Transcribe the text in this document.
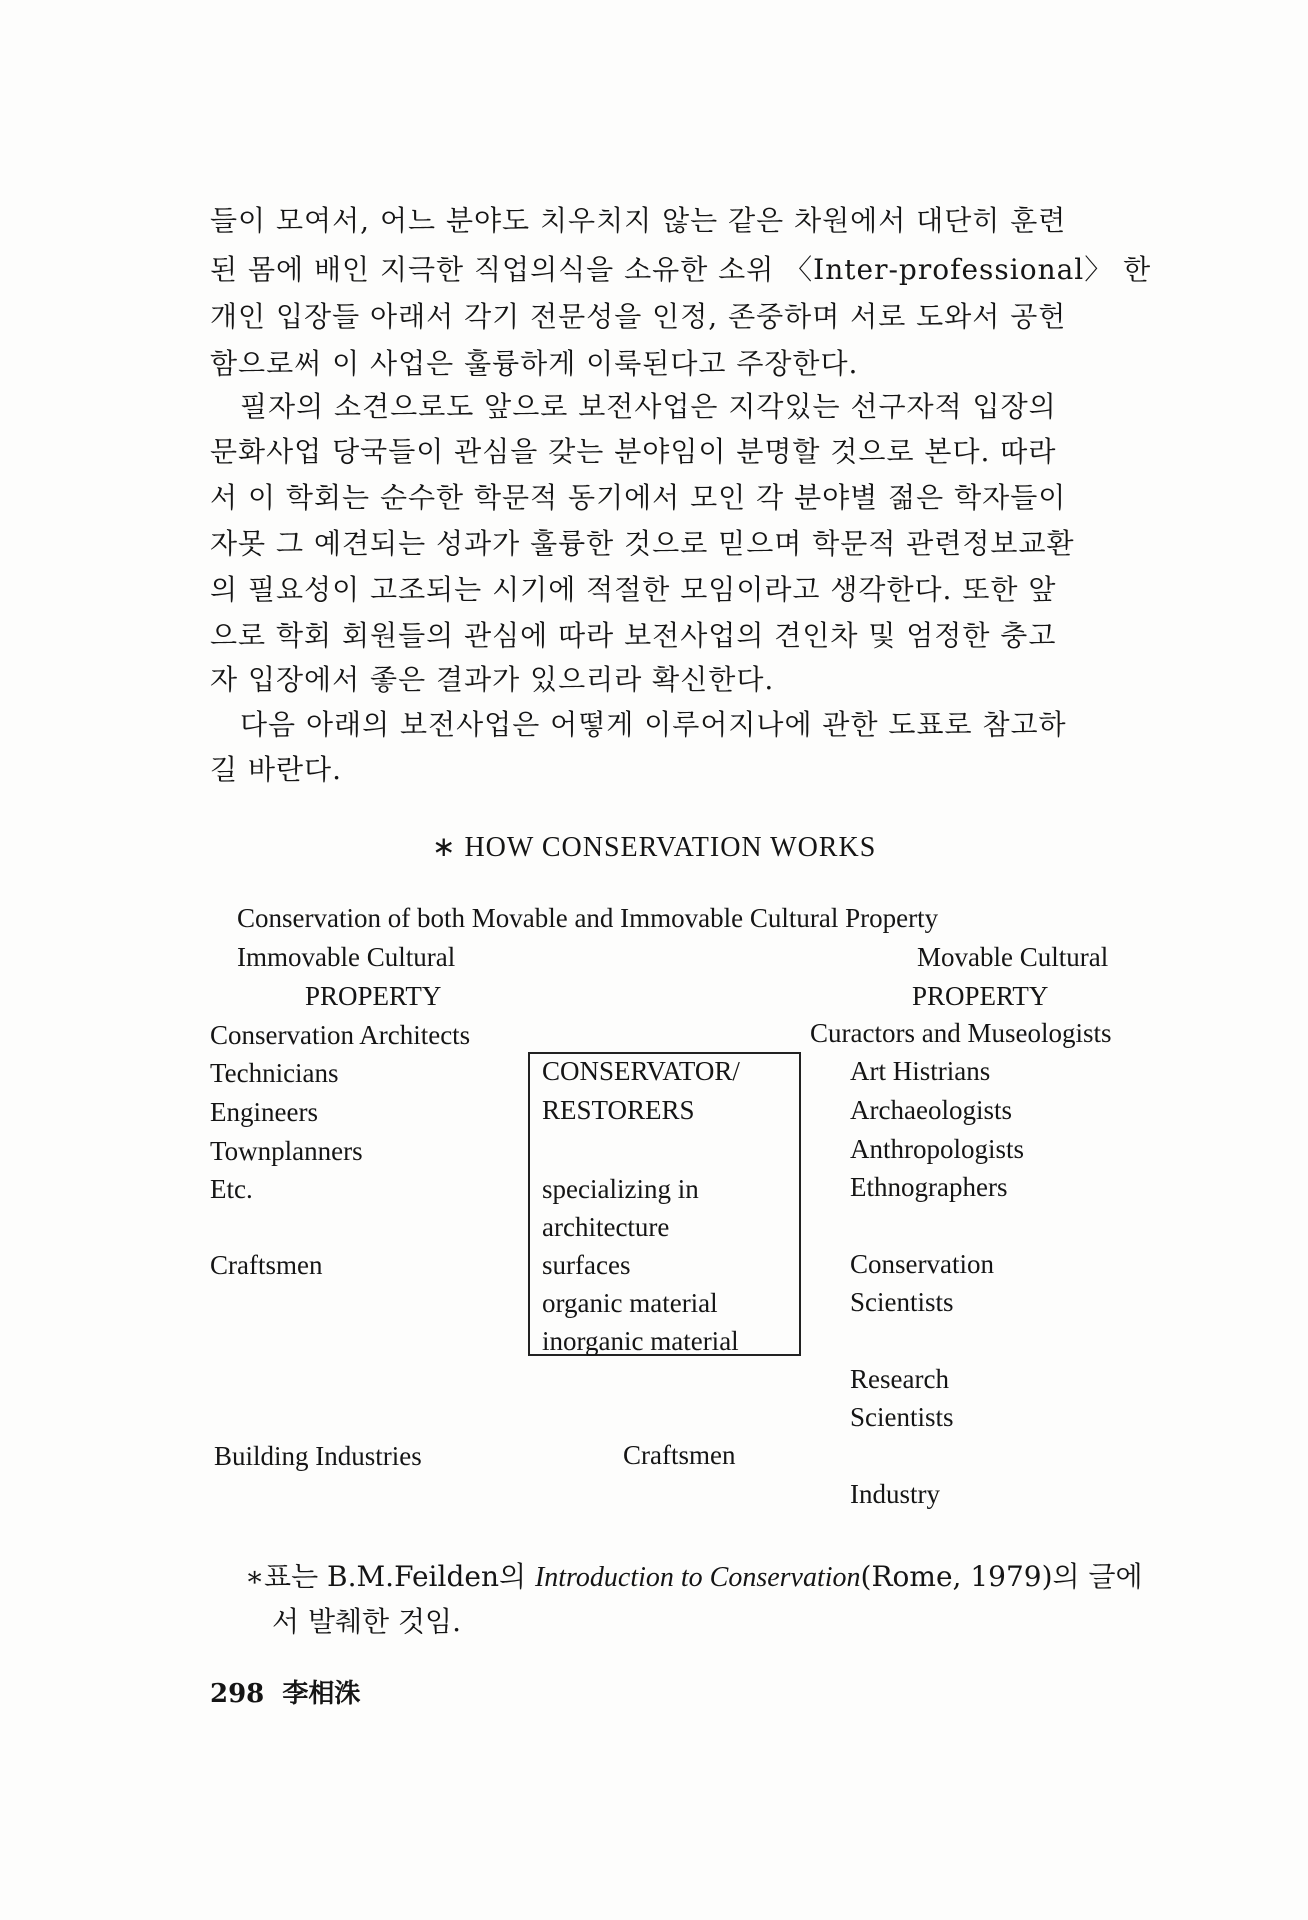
들이 모여서, 어느 분야도 치우치지 않는 같은 차원에서 대단히 훈련
된 몸에 배인 지극한 직업의식을 소유한 소위 〈Inter-professional〉 한
개인 입장들 아래서 각기 전문성을 인정, 존중하며 서로 도와서 공헌
함으로써 이 사업은 훌륭하게 이룩된다고 주장한다.
필자의 소견으로도 앞으로 보전사업은 지각있는 선구자적 입장의
문화사업 당국들이 관심을 갖는 분야임이 분명할 것으로 본다. 따라
서 이 학회는 순수한 학문적 동기에서 모인 각 분야별 젊은 학자들이
자못 그 예견되는 성과가 훌륭한 것으로 믿으며 학문적 관련정보교환
의 필요성이 고조되는 시기에 적절한 모임이라고 생각한다. 또한 앞
으로 학회 회원들의 관심에 따라 보전사업의 견인차 및 엄정한 충고
자 입장에서 좋은 결과가 있으리라 확신한다.
다음 아래의 보전사업은 어떻게 이루어지나에 관한 도표로 참고하
길 바란다.
∗ HOW CONSERVATION WORKS
Conservation of both Movable and Immovable Cultural Property
Immovable Cultural
PROPERTY
Movable Cultural
PROPERTY
Conservation Architects	Curactors and Museologists
Technicians
Engineers
Townplanners
Etc.
Craftsmen
Art Histrians
Archaeologists
Anthropologists
Ethnographers
Conservation
Scientists
Research
Scientists
Industry
CONSERVATOR/
RESTORERS
specializing in
architecture
surfaces
organic material
inorganic material
Building Industries	Craftsmen
∗표는 B.M.Feilden의 Introduction to Conservation(Rome, 1979)의 글에
서 발췌한 것임.
298 李相洙
